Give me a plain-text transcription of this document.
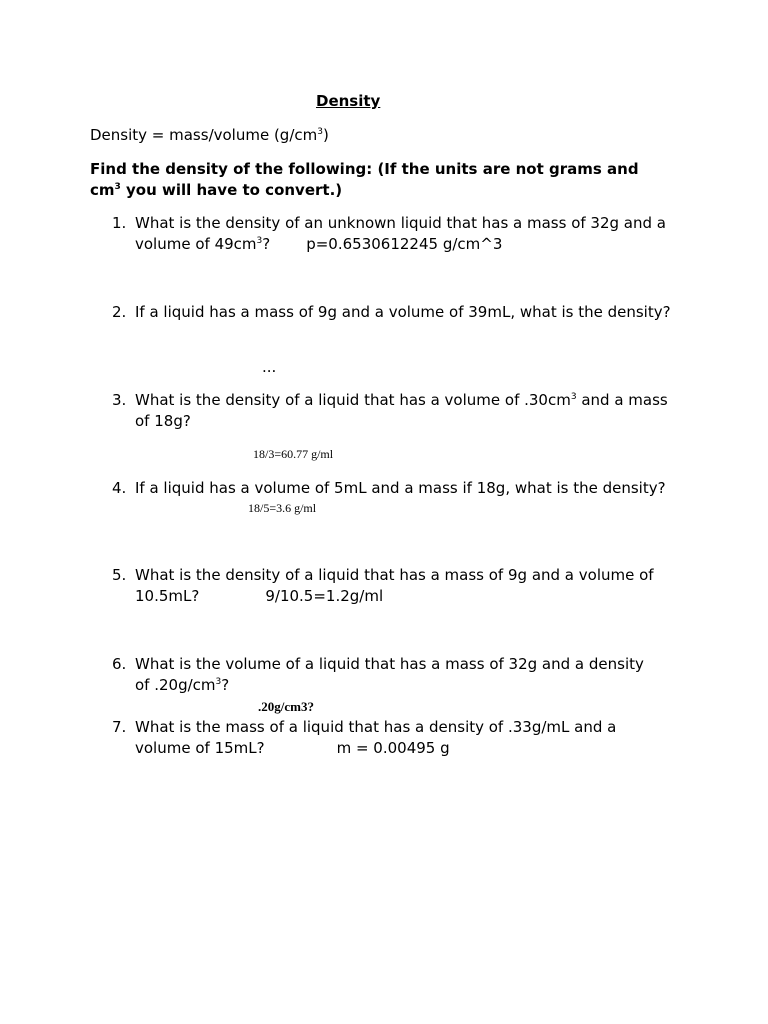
Density
Density = mass/volume $(g/cm^3)$
Find the density of the following: (If the units are not grams and
$cm^3$ you will have to convert.)
1. What is the density of an unknown liquid that has a mass of 32g and a
volume of $49cm^3$? p=0.6530612245 g/cm^3
2. If a liquid has a mass of 9g and a volume of 39mL, what is the density?
...
3. What is the density of a liquid that has a volume of $.30cm^3$ and a mass
of 18g?
18/3=60.77 g/ml
4. If a liquid has a volume of 5mL and a mass if 18g, what is the density?
18/5=3.6 g/ml
5. What is the density of a liquid that has a mass of 9g and a volume of
10.5mL?	9/10.5=1.2g/ml
6. What is the volume of a liquid that has a mass of 32g and a density
of $.20g/cm^3$?
.20g/cm3?
7. What is the mass of a liquid that has a density of .33g/mL and a
volume of 15mL?	m = 0.00495 g
